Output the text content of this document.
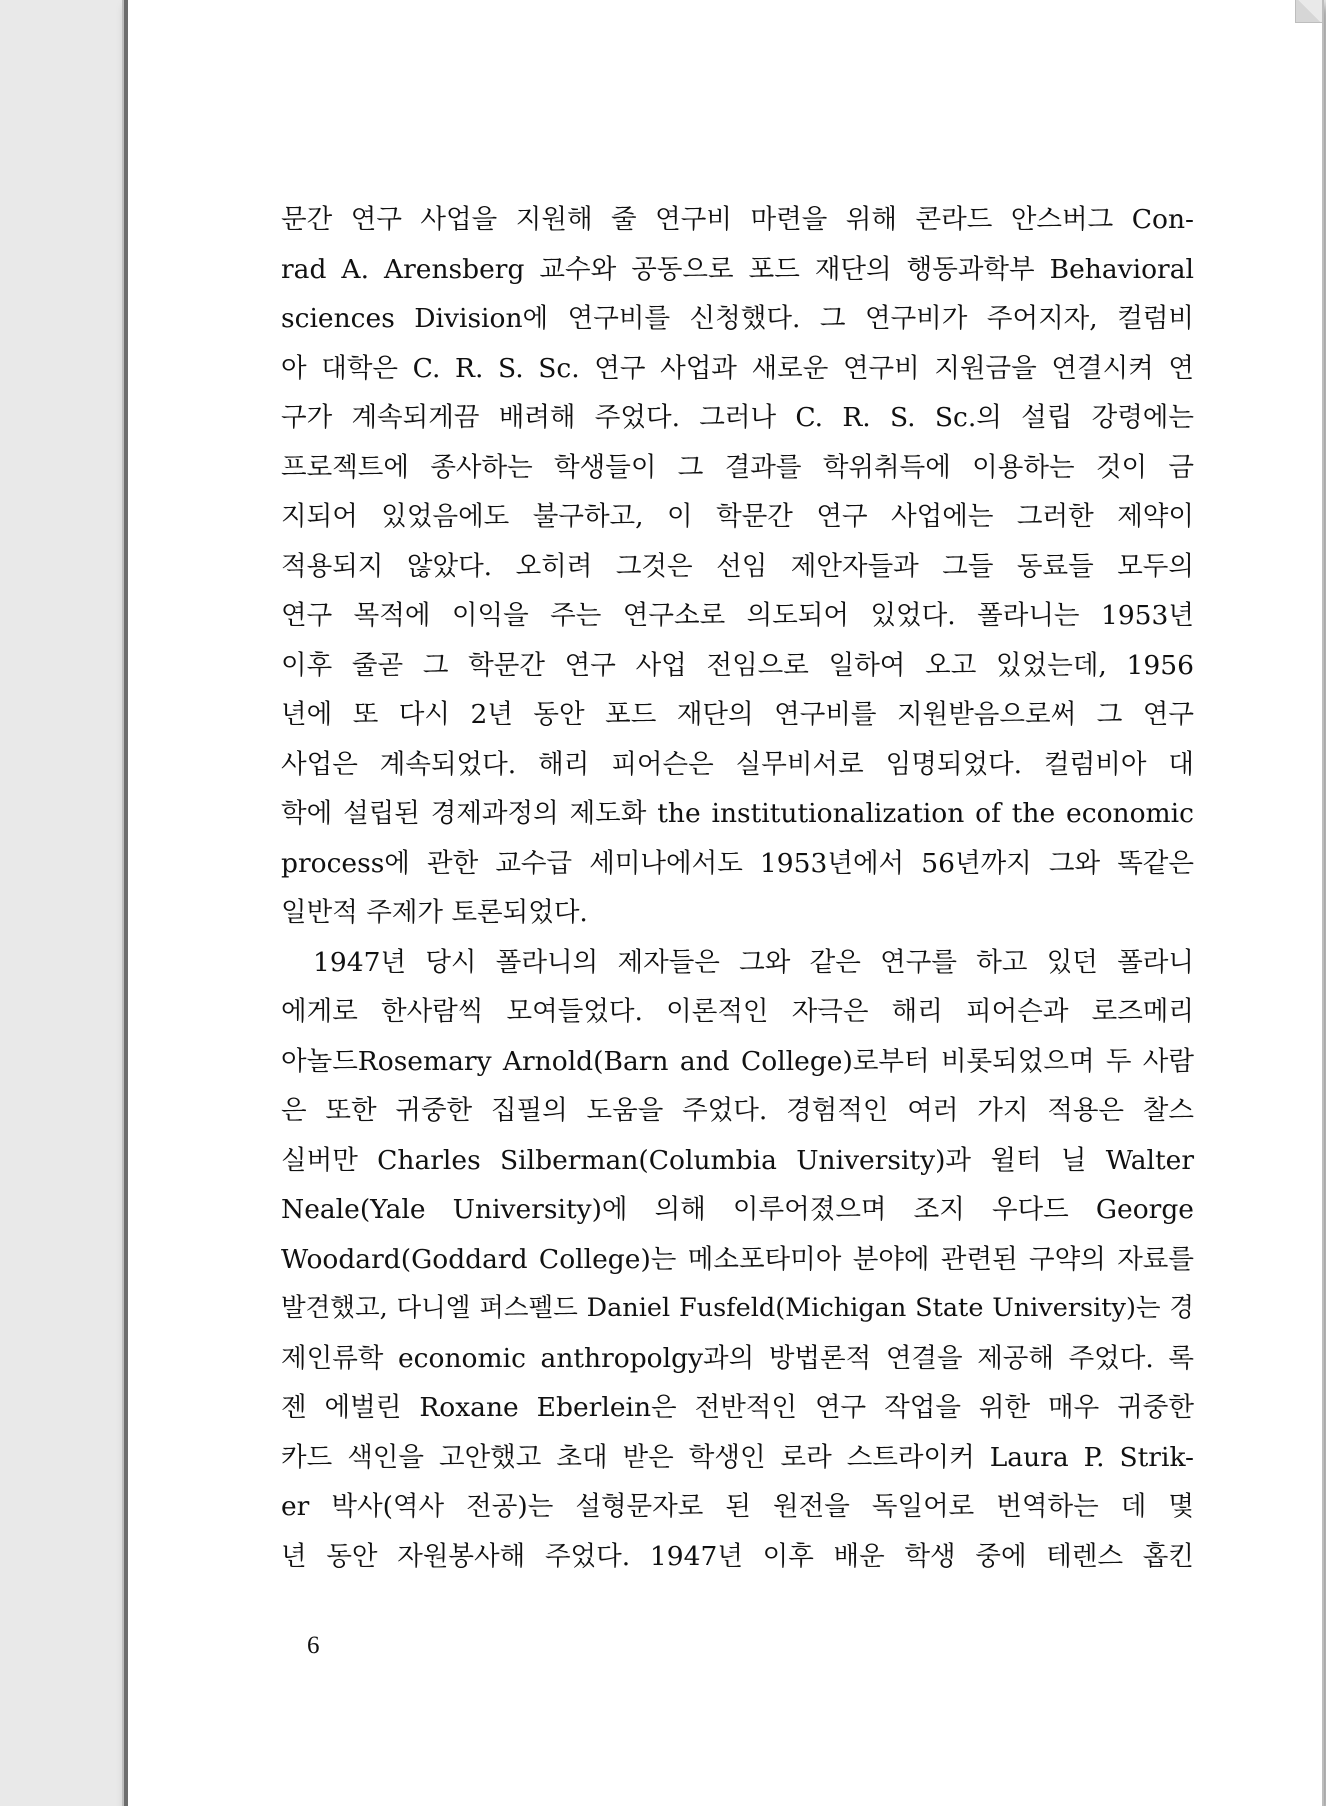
문간 연구 사업을 지원해 줄 연구비 마련을 위해 콘라드 안스버그 Con-
rad A. Arensberg 교수와 공동으로 포드 재단의 행동과학부 Behavioral
sciences Division에 연구비를 신청했다. 그 연구비가 주어지자, 컬럼비
아 대학은 C. R. S. Sc. 연구 사업과 새로운 연구비 지원금을 연결시켜 연
구가 계속되게끔 배려해 주었다. 그러나 C. R. S. Sc.의 설립 강령에는
프로젝트에 종사하는 학생들이 그 결과를 학위취득에 이용하는 것이 금
지되어 있었음에도 불구하고, 이 학문간 연구 사업에는 그러한 제약이
적용되지 않았다. 오히려 그것은 선임 제안자들과 그들 동료들 모두의
연구 목적에 이익을 주는 연구소로 의도되어 있었다. 폴라니는 1953년
이후 줄곧 그 학문간 연구 사업 전임으로 일하여 오고 있었는데, 1956
년에 또 다시 2년 동안 포드 재단의 연구비를 지원받음으로써 그 연구
사업은 계속되었다. 해리 피어슨은 실무비서로 임명되었다. 컬럼비아 대
학에 설립된 경제과정의 제도화 the institutionalization of the economic
process에 관한 교수급 세미나에서도 1953년에서 56년까지 그와 똑같은
일반적 주제가 토론되었다.
1947년 당시 폴라니의 제자들은 그와 같은 연구를 하고 있던 폴라니
에게로 한사람씩 모여들었다. 이론적인 자극은 해리 피어슨과 로즈메리
아놀드Rosemary Arnold(Barn and College)로부터 비롯되었으며 두 사람
은 또한 귀중한 집필의 도움을 주었다. 경험적인 여러 가지 적용은 찰스
실버만 Charles Silberman(Columbia University)과 윌터 닐 Walter
Neale(Yale University)에 의해 이루어졌으며 조지 우다드 George
Woodard(Goddard College)는 메소포타미아 분야에 관련된 구약의 자료를
발견했고, 다니엘 퍼스펠드 Daniel Fusfeld(Michigan State University)는 경
제인류학 economic anthropolgy과의 방법론적 연결을 제공해 주었다. 록
젠 에벌린 Roxane Eberlein은 전반적인 연구 작업을 위한 매우 귀중한
카드 색인을 고안했고 초대 받은 학생인 로라 스트라이커 Laura P. Strik-
er 박사(역사 전공)는 설형문자로 된 원전을 독일어로 번역하는 데 몇
년 동안 자원봉사해 주었다. 1947년 이후 배운 학생 중에 테렌스 홉킨
6
